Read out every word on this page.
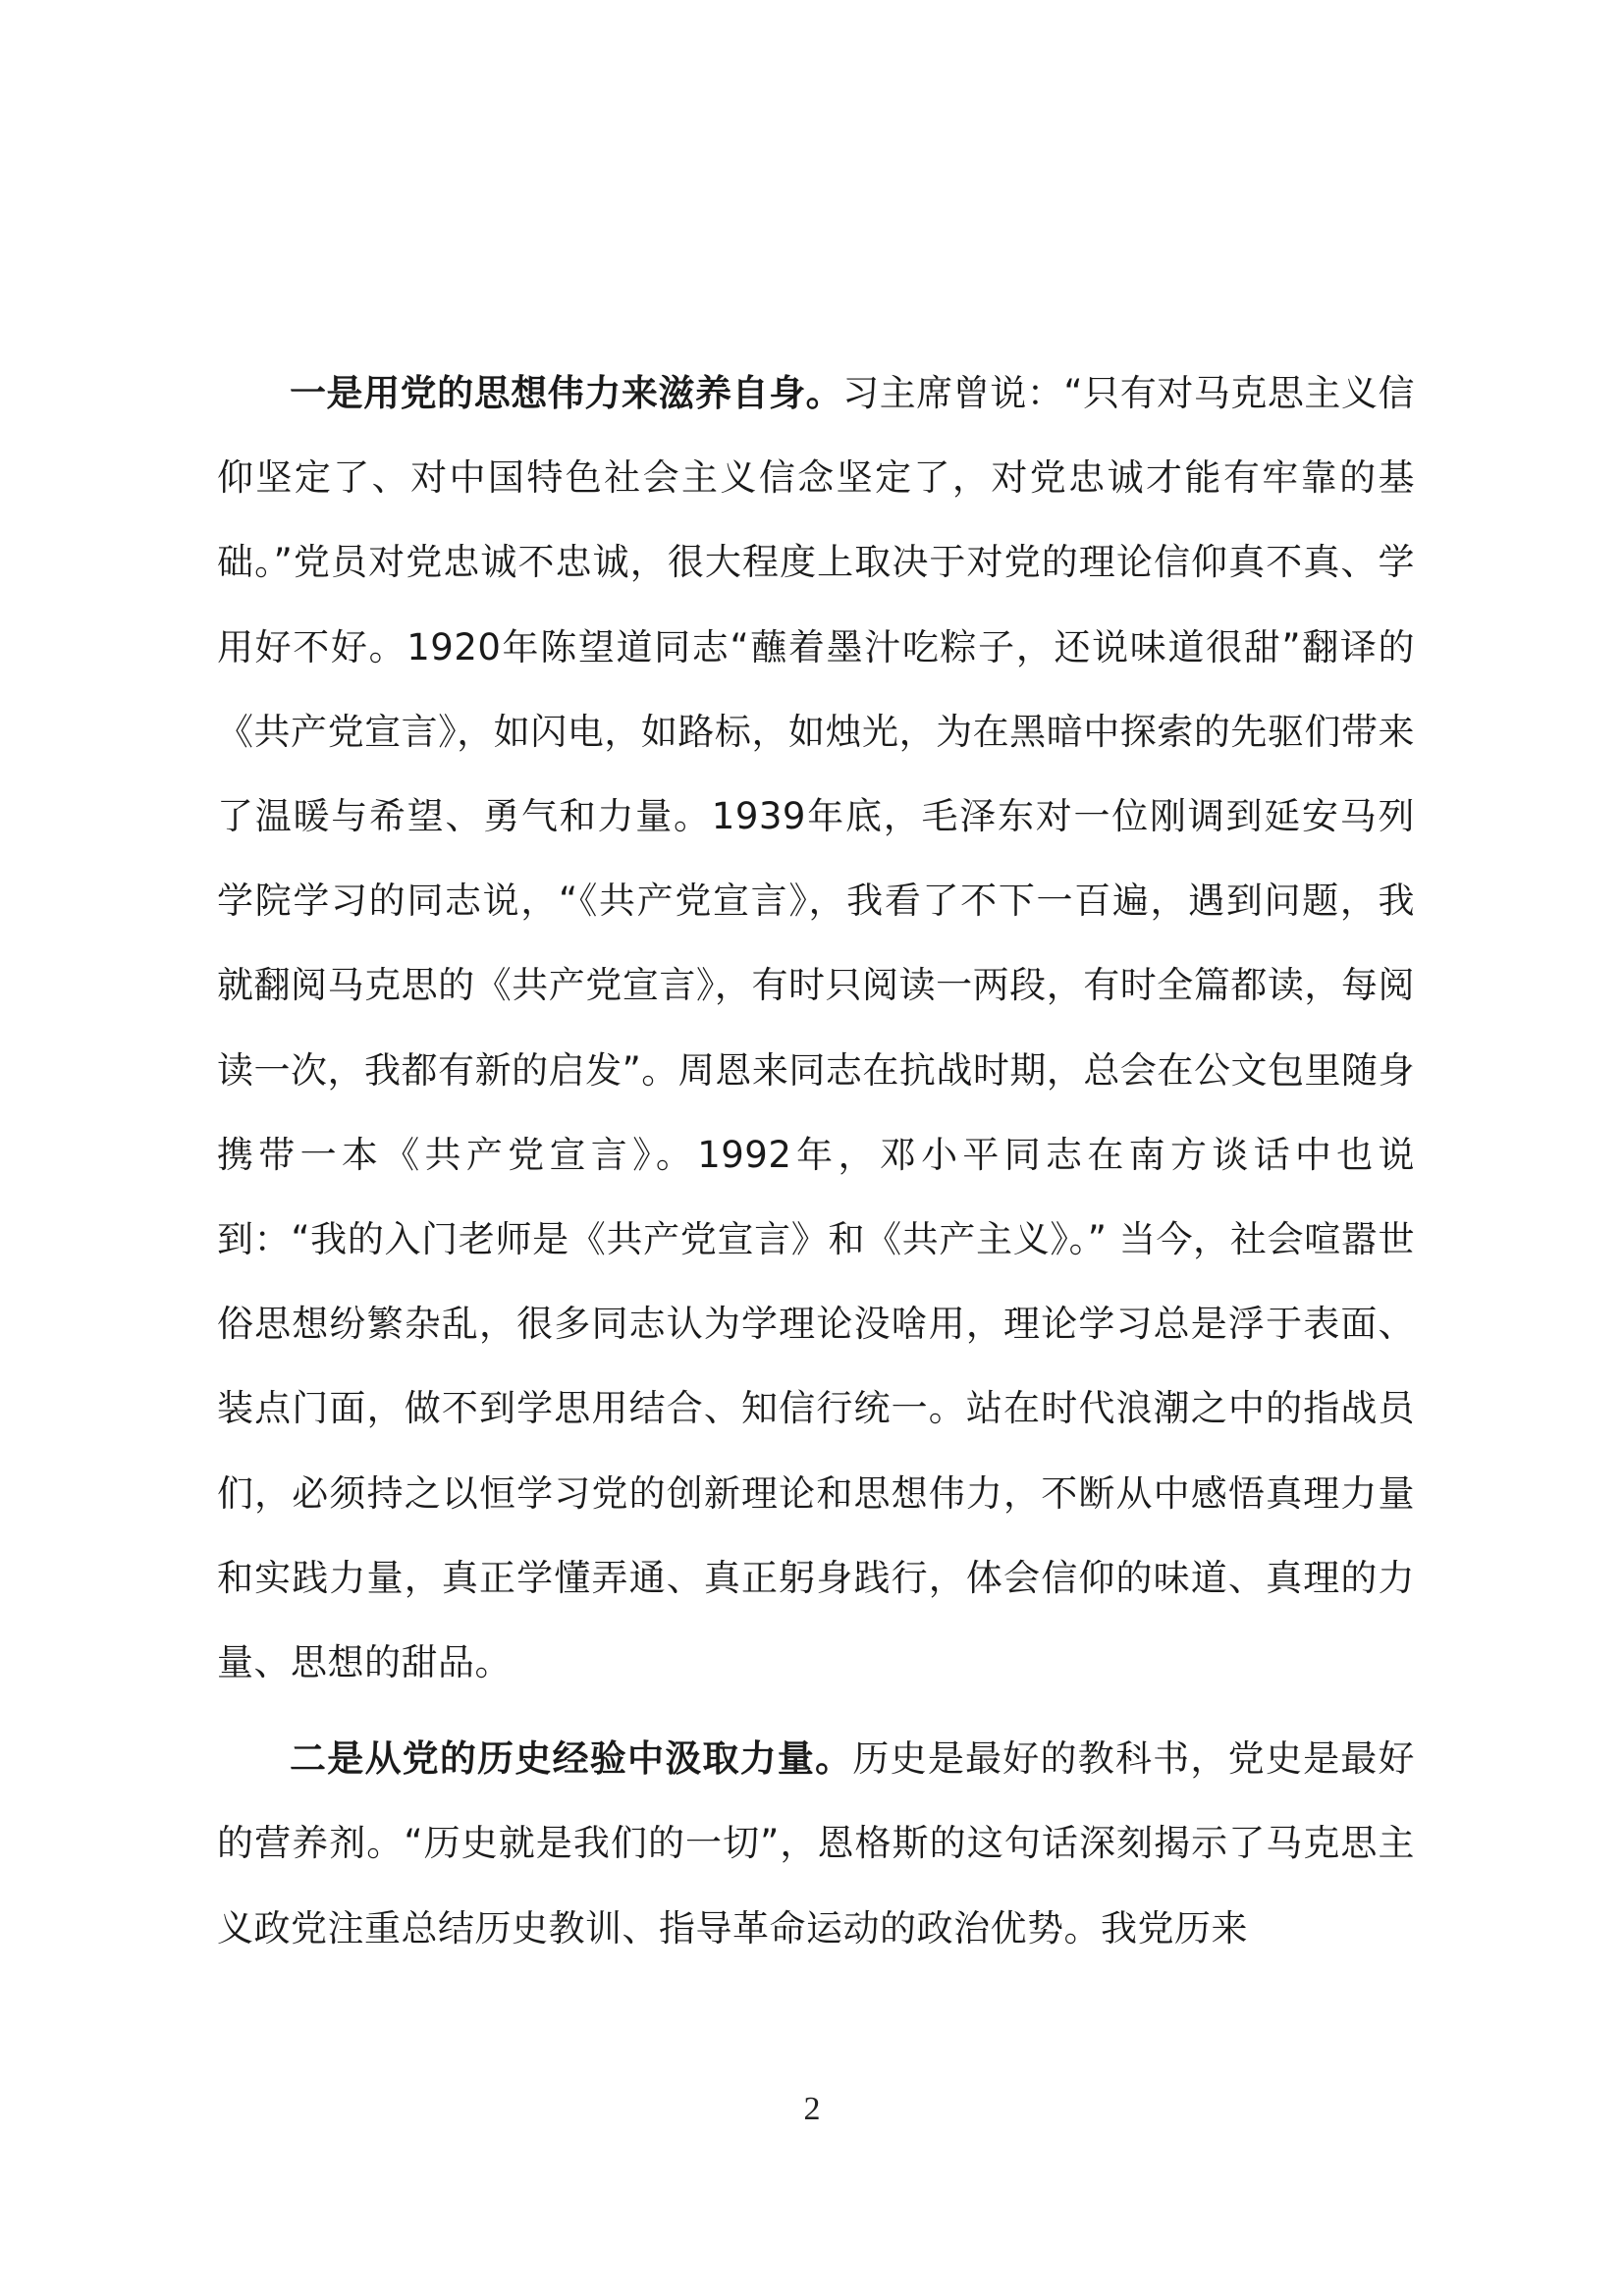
一是用党的思想伟力来滋养自身。习主席曾说：“只有对马克思主义信仰坚定了、对中国特色社会主义信念坚定了，对党忠诚才能有牢靠的基础。”党员对党忠诚不忠诚，很大程度上取决于对党的理论信仰真不真、学用好不好。1920年陈望道同志“蘸着墨汁吃粽子，还说味道很甜”翻译的《共产党宣言》，如闪电，如路标，如烛光，为在黑暗中探索的先驱们带来了温暖与希望、勇气和力量。1939年底，毛泽东对一位刚调到延安马列学院学习的同志说，“《共产党宣言》，我看了不下一百遍，遇到问题，我就翻阅马克思的《共产党宣言》，有时只阅读一两段，有时全篇都读，每阅读一次，我都有新的启发”。周恩来同志在抗战时期，总会在公文包里随身携带一本《共产党宣言》。1992年，邓小平同志在南方谈话中也说到：“我的入门老师是《共产党宣言》和《共产主义》。” 当今，社会喧嚣世俗思想纷繁杂乱，很多同志认为学理论没啥用，理论学习总是浮于表面、装点门面，做不到学思用结合、知信行统一。站在时代浪潮之中的指战员们，必须持之以恒学习党的创新理论和思想伟力，不断从中感悟真理力量和实践力量，真正学懂弄通、真正躬身践行，体会信仰的味道、真理的力量、思想的甜品。

二是从党的历史经验中汲取力量。历史是最好的教科书，党史是最好的营养剂。“历史就是我们的一切”，恩格斯的这句话深刻揭示了马克思主义政党注重总结历史教训、指导革命运动的政治优势。我党历来

2
